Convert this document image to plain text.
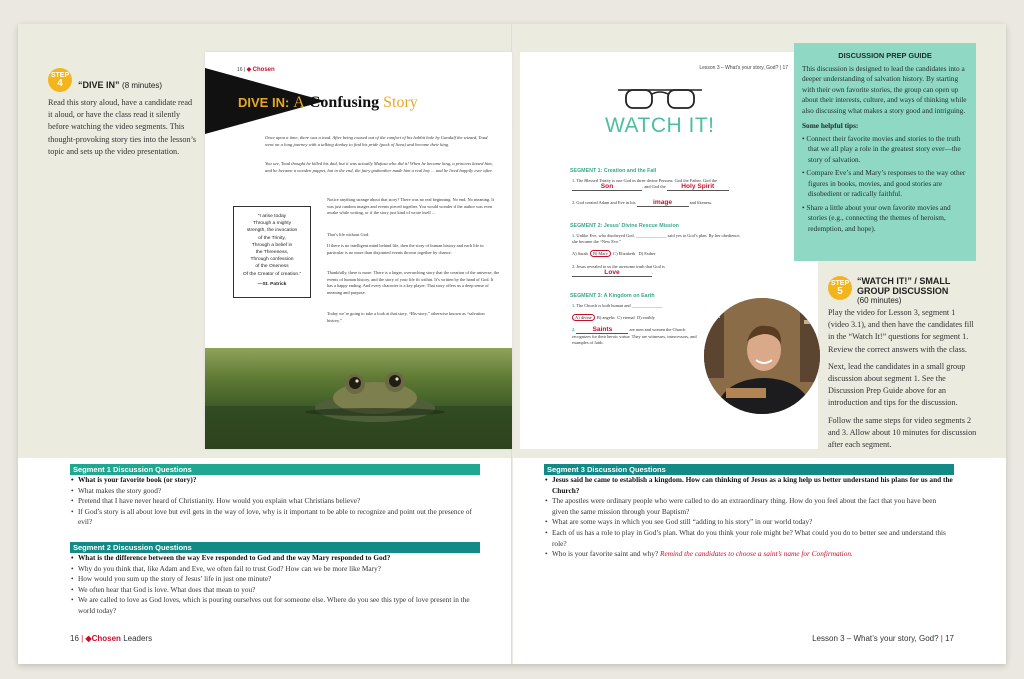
STEP
4	“DIVE IN” (8 minutes)
Read this story aloud, have a candidate read it aloud, or have the class read it silently before watching the video segments. This thought-provoking story ties into the lesson’s topic and sets up the video presentation.
16 | ◆ Chosen
DIVE IN: A Confusing Story
Once upon a time, there was a toad. After being coaxed out of the comfort of his hobbit hole by Gandalf the wizard, Toad went on a long journey with a talking donkey to find his pride (pack of lions) and become their king.
You see, Toad thought he killed his dad, but it was actually Mufasa who did it! When he became king, a princess kissed him, and he became a wooden puppet, but in the end, the fairy godmother made him a real boy ... and he lived happily ever after.
“I arise today
Through a mighty
strength, the invocation
of the Trinity,
Through a belief in
the Threeness,
Through confession
of the Oneness
Of the Creator of creation.”
—St. Patrick
Notice anything strange about that story? There was no real beginning. No end. No meaning. It was just random images and events pieced together. You would wonder if the author was even awake while writing, or if the story just kind of wrote itself ...
That’s life without God.
If there is no intelligent mind behind life, then the story of human history and each life in particular is no more than disjointed events thrown together by chance.
Thankfully, there is more. There is a larger, overarching story that the creation of the universe, the events of human history, and the story of your life fit within. It’s written by the hand of God. It has a happy ending. And every character is a key player. That story offers us a deep sense of meaning and purpose.
Today we’re going to take a look at that story, “His-story,” otherwise known as “salvation history.”
Lesson 3 – What’s your story, God? | 17
WATCH IT!
SEGMENT 1: Creation and the Fall
1. The Blessed Trinity is one God in three divine Persons: God the Father, God the
Son	, and God the Holy Spirit	.
2. God created Adam and Eve in his	image	and likeness.
SEGMENT 2: Jesus’ Divine Rescue Mission
1. Unlike Eve, who disobeyed God, ______________ said yes to God’s plan. By her obedience, she became the “New Eve.”
A) Sarah B) Mary C) Elizabeth D) Esther
2. Jesus revealed to us the awesome truth that God is
Love	.
SEGMENT 3: A Kingdom on Earth
1. The Church is both human and ______________
A) divine B) angelic C) eternal D) earthly
2.	Saints	are men and women the Church recognizes for their heroic virtue. They are witnesses, intercessors, and examples of faith.
DISCUSSION PREP GUIDE
This discussion is designed to lead the candidates into a deeper understanding of salvation history. By starting with their own favorite stories, the group can open up about their interests, culture, and ways of thinking while also discussing what makes a story good and intriguing.
Some helpful tips:
• Connect their favorite movies and stories to the truth that we all play a role in the greatest story ever—the story of salvation.
• Compare Eve’s and Mary’s responses to the way other figures in books, movies, and good stories are disobedient or radically faithful.
• Share a little about your own favorite movies and stories (e.g., connecting the themes of heroism, redemption, and hope).
STEP
5
“WATCH IT!” / SMALL
GROUP DISCUSSION
(60 minutes)

Play the video for Lesson 3, segment 1 (video 3.1), and then have the candidates fill in the “Watch It!” questions for segment 1. Review the correct answers with the class.

Next, lead the candidates in a small group discussion about segment 1. See the Discussion Prep Guide above for an introduction and tips for the discussion.

Follow the same steps for video segments 2 and 3. Allow about 10 minutes for discussion after each segment.

Segment 1 Discussion Questions
• What is your favorite book (or story)?
• What makes the story good?
• Pretend that I have never heard of Christianity. How would you explain what Christians believe?
• If God’s story is all about love but evil gets in the way of love, why is it important to be able to recognize and point out the presence of evil?
Segment 2 Discussion Questions
• What is the difference between the way Eve responded to God and the way Mary responded to God?
• Why do you think that, like Adam and Eve, we often fail to trust God? How can we be more like Mary?
• How would you sum up the story of Jesus’ life in just one minute?
• We often hear that God is love. What does that mean to you?
• We are called to love as God loves, which is pouring ourselves out for someone else. Where do you see this type of love present in the world today?
Segment 3 Discussion Questions
• Jesus said he came to establish a kingdom. How can thinking of Jesus as a king help us better understand his plans for us and the Church?
• The apostles were ordinary people who were called to do an extraordinary thing. How do you feel about the fact that you have been given the same mission through your Baptism?
• What are some ways in which you see God still “adding to his story” in our world today?
• Each of us has a role to play in God’s plan. What do you think your role might be? What could you do to better see and understand this role?
• Who is your favorite saint and why? Remind the candidates to choose a saint’s name for Confirmation.
16 | ◆Chosen Leaders	Lesson 3 – What’s your story, God? | 17
